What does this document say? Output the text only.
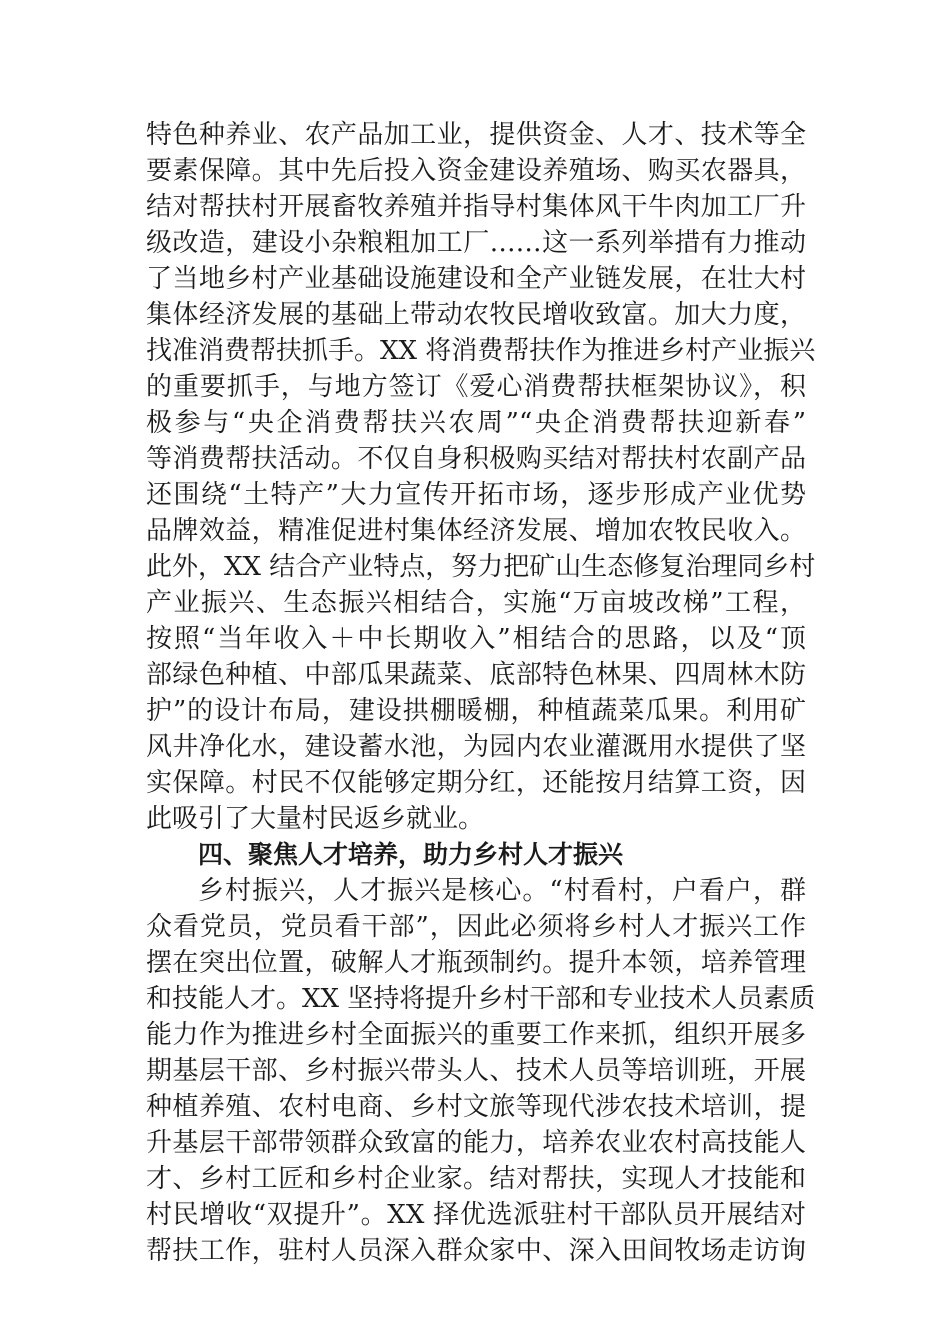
特色种养业、农产品加工业，提供资金、人才、技术等全
要素保障。其中先后投入资金建设养殖场、购买农器具，
结对帮扶村开展畜牧养殖并指导村集体风干牛肉加工厂升
级改造，建设小杂粮粗加工厂……这一系列举措有力推动
了当地乡村产业基础设施建设和全产业链发展，在壮大村
集体经济发展的基础上带动农牧民增收致富。加大力度，
找准消费帮扶抓手。XX 将消费帮扶作为推进乡村产业振兴
的重要抓手，与地方签订《爱心消费帮扶框架协议》，积
极参与“央企消费帮扶兴农周”“央企消费帮扶迎新春”
等消费帮扶活动。不仅自身积极购买结对帮扶村农副产品
还围绕“土特产”大力宣传开拓市场，逐步形成产业优势
品牌效益，精准促进村集体经济发展、增加农牧民收入。
此外，XX 结合产业特点，努力把矿山生态修复治理同乡村
产业振兴、生态振兴相结合，实施“万亩坡改梯”工程，
按照“当年收入＋中长期收入”相结合的思路，以及“顶
部绿色种植、中部瓜果蔬菜、底部特色林果、四周林木防
护”的设计布局，建设拱棚暖棚，种植蔬菜瓜果。利用矿
风井净化水，建设蓄水池，为园内农业灌溉用水提供了坚
实保障。村民不仅能够定期分红，还能按月结算工资，因
此吸引了大量村民返乡就业。
四、聚焦人才培养，助力乡村人才振兴
乡村振兴，人才振兴是核心。“村看村，户看户，群
众看党员，党员看干部”，因此必须将乡村人才振兴工作
摆在突出位置，破解人才瓶颈制约。提升本领，培养管理
和技能人才。XX 坚持将提升乡村干部和专业技术人员素质
能力作为推进乡村全面振兴的重要工作来抓，组织开展多
期基层干部、乡村振兴带头人、技术人员等培训班，开展
种植养殖、农村电商、乡村文旅等现代涉农技术培训，提
升基层干部带领群众致富的能力，培养农业农村高技能人
才、乡村工匠和乡村企业家。结对帮扶，实现人才技能和
村民增收“双提升”。XX 择优选派驻村干部队员开展结对
帮扶工作，驻村人员深入群众家中、深入田间牧场走访询
